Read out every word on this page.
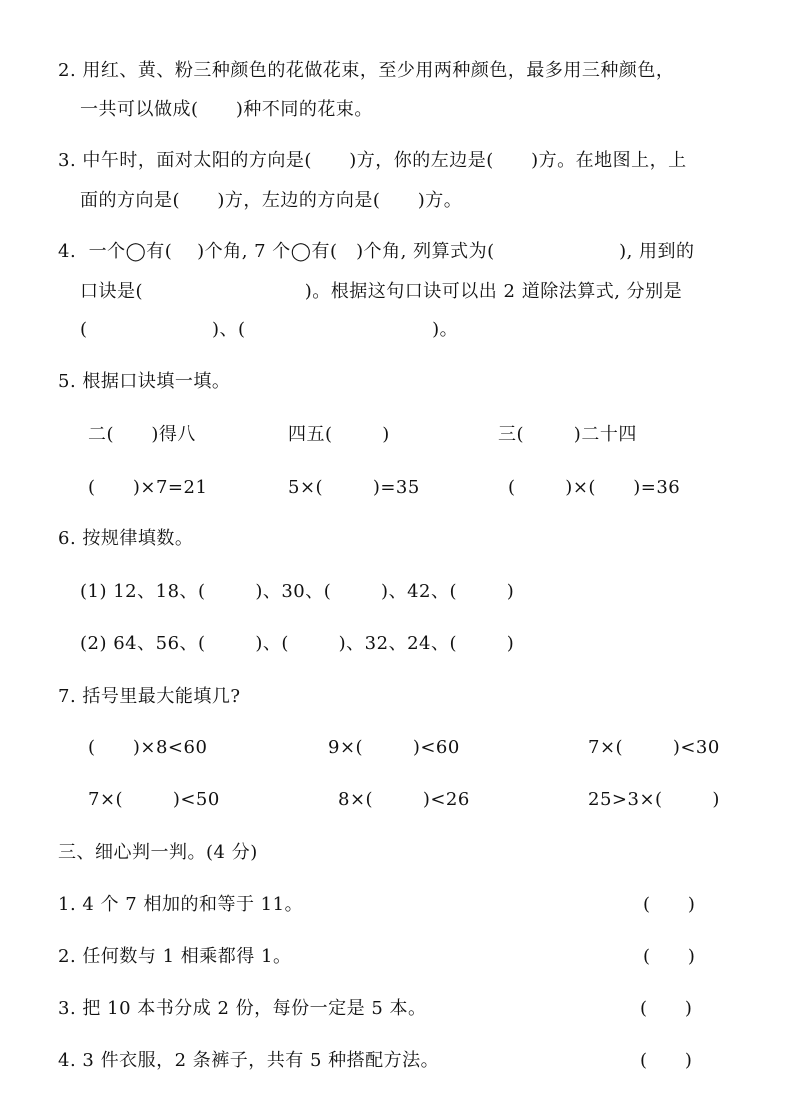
2. 用红、黄、粉三种颜色的花做花束，至少用两种颜色，最多用三种颜色，
一共可以做成(      )种不同的花束。
3. 中午时，面对太阳的方向是(      )方，你的左边是(      )方。在地图上，上
面的方向是(      )方，左边的方向是(      )方。
4.  一个◯有(    )个角, 7 个◯有(   )个角, 列算式为(                    ), 用到的
口诀是(                          )。根据这句口诀可以出 2 道除法算式, 分别是
(                    )、(                              )。
5. 根据口诀填一填。
二(      )得八	四五(        )	三(        )二十四
(      )×7=21	5×(        )=35	(        )×(      )=36
6. 按规律填数。
(1) 12、18、(        )、30、(        )、42、(        )
(2) 64、56、(        )、(        )、32、24、(        )
7. 括号里最大能填几?
(      )×8<60	9×(        )<60	7×(        )<30
7×(        )<50	8×(        )<26	25>3×(        )
三、细心判一判。(4 分)
1. 4 个 7 相加的和等于 11。	(      )
2. 任何数与 1 相乘都得 1。	(      )
3. 把 10 本书分成 2 份，每份一定是 5 本。	(      )
4. 3 件衣服，2 条裤子，共有 5 种搭配方法。	(      )
